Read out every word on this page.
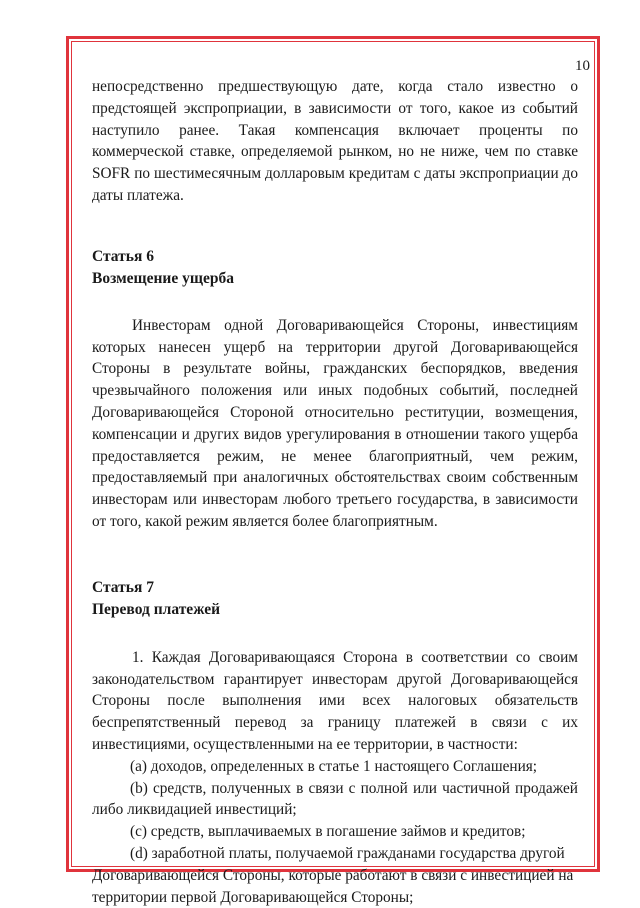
10

непосредственно предшествующую дате, когда стало известно о предстоящей экспроприации, в зависимости от того, какое из событий наступило ранее. Такая компенсация включает проценты по коммерческой ставке, определяемой рынком, но не ниже, чем по ставке SOFR по шестимесячным долларовым кредитам с даты экспроприации до даты платежа.

Статья 6

Возмещение ущерба

Инвесторам одной Договаривающейся Стороны, инвестициям которых нанесен ущерб на территории другой Договаривающейся Стороны в результате войны, гражданских беспорядков, введения чрезвычайного положения или иных подобных событий, последней Договаривающейся Стороной относительно реституции, возмещения, компенсации и других видов урегулирования в отношении такого ущерба предоставляется режим, не менее благоприятный, чем режим, предоставляемый при аналогичных обстоятельствах своим собственным инвесторам или инвесторам любого третьего государства, в зависимости от того, какой режим является более благоприятным.

Статья 7

Перевод платежей

1. Каждая Договаривающаяся Сторона в соответствии со своим законодательством гарантирует инвесторам другой Договаривающейся Стороны после выполнения ими всех налоговых обязательств беспрепятственный перевод за границу платежей в связи с их инвестициями, осуществленными на ее территории, в частности:

(a) доходов, определенных в статье 1 настоящего Соглашения;

(b) средств, полученных в связи с полной или частичной продажей либо ликвидацией инвестиций;

(c) средств, выплачиваемых в погашение займов и кредитов;

(d) заработной платы, получаемой гражданами государства другой Договаривающейся Стороны, которые работают в связи с инвестицией на территории первой Договаривающейся Стороны;
